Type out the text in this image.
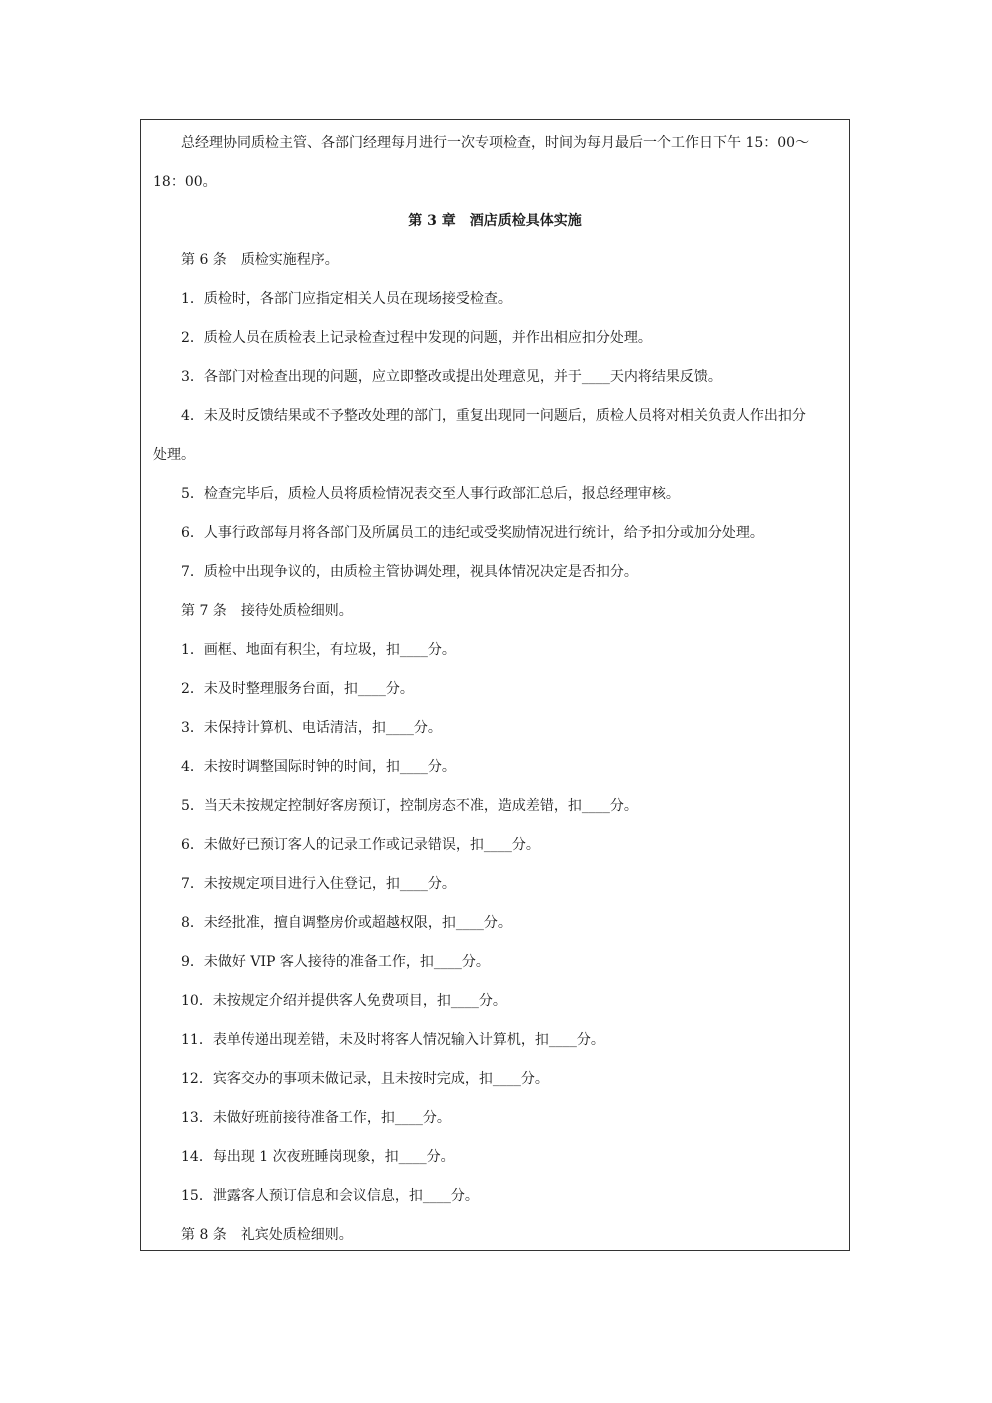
总经理协同质检主管、各部门经理每月进行一次专项检查，时间为每月最后一个工作日下午 15：00～
18：00。
第 3 章 酒店质检具体实施
第 6 条 质检实施程序。
1．质检时，各部门应指定相关人员在现场接受检查。
2．质检人员在质检表上记录检查过程中发现的问题，并作出相应扣分处理。
3．各部门对检查出现的问题，应立即整改或提出处理意见，并于____天内将结果反馈。
4．未及时反馈结果或不予整改处理的部门，重复出现同一问题后，质检人员将对相关负责人作出扣分
处理。
5．检查完毕后，质检人员将质检情况表交至人事行政部汇总后，报总经理审核。
6．人事行政部每月将各部门及所属员工的违纪或受奖励情况进行统计，给予扣分或加分处理。
7．质检中出现争议的，由质检主管协调处理，视具体情况决定是否扣分。
第 7 条 接待处质检细则。
1．画框、地面有积尘，有垃圾，扣____分。
2．未及时整理服务台面，扣____分。
3．未保持计算机、电话清洁，扣____分。
4．未按时调整国际时钟的时间，扣____分。
5．当天未按规定控制好客房预订，控制房态不准，造成差错，扣____分。
6．未做好已预订客人的记录工作或记录错误，扣____分。
7．未按规定项目进行入住登记，扣____分。
8．未经批准，擅自调整房价或超越权限，扣____分。
9．未做好 VIP 客人接待的准备工作，扣____分。
10．未按规定介绍并提供客人免费项目，扣____分。
11．表单传递出现差错，未及时将客人情况输入计算机，扣____分。
12．宾客交办的事项未做记录，且未按时完成，扣____分。
13．未做好班前接待准备工作，扣____分。
14．每出现 1 次夜班睡岗现象，扣____分。
15．泄露客人预订信息和会议信息，扣____分。
第 8 条 礼宾处质检细则。
